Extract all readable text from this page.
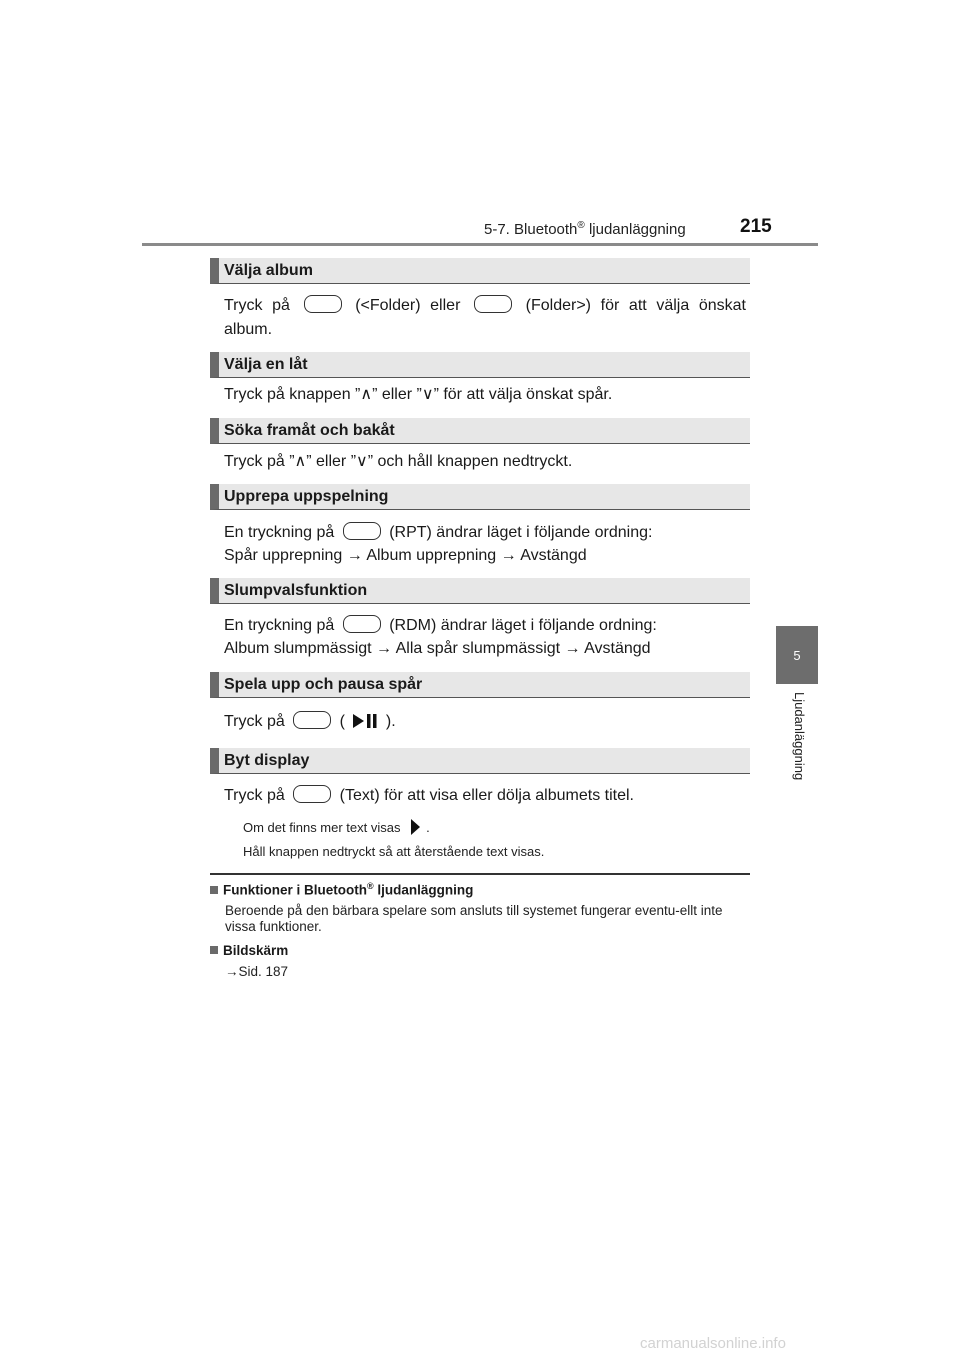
5-7. Bluetooth® ljudanläggning	215
5
Ljudanläggning
Välja album
Tryck på	(<Folder) eller	(Folder>) för att välja önskat
album.
Välja en låt
Tryck på knappen ”∧” eller ”∨” för att välja önskat spår.
Söka framåt och bakåt
Tryck på ”∧” eller ”∨” och håll knappen nedtryckt.
Upprepa uppspelning
En tryckning på	(RPT) ändrar läget i följande ordning:
Spår upprepning → Album upprepning → Avstängd
Slumpvalsfunktion
En tryckning på	(RDM) ändrar läget i följande ordning:
Album slumpmässigt → Alla spår slumpmässigt → Avstängd
Spela upp och pausa spår
Tryck på	(	).
Byt display
Tryck på	(Text) för att visa eller dölja albumets titel.
Om det finns mer text visas .
Håll knappen nedtryckt så att återstående text visas.
Funktioner i Bluetooth® ljudanläggning
Beroende på den bärbara spelare som ansluts till systemet fungerar eventu-ellt inte vissa funktioner.
Bildskärm
→Sid. 187
carmanualsonline.info
